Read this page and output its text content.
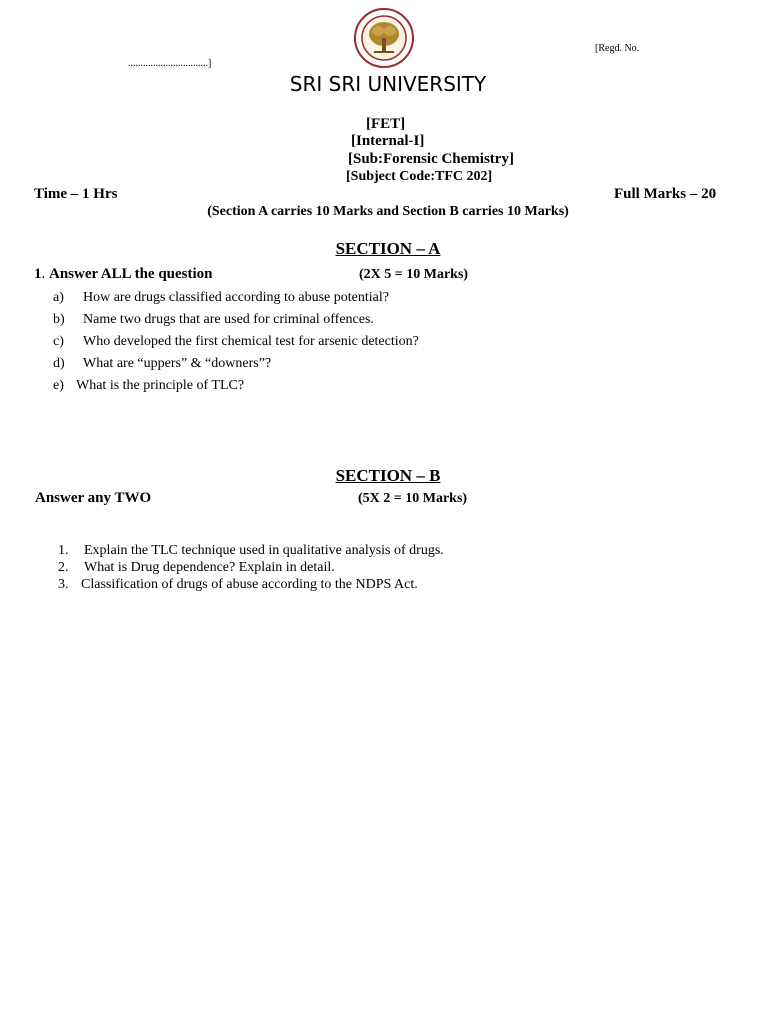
[Regd. No.
................................]
SRI SRI UNIVERSITY
[FET]
[Internal-I]
[Sub:Forensic Chemistry]
[Subject Code:TFC 202]
Time – 1 Hrs	Full Marks – 20
(Section A carries 10 Marks and Section B carries 10 Marks)
SECTION – A
1. Answer ALL the question	(2X 5 = 10 Marks)
a) How are drugs classified according to abuse potential?
b) Name two drugs that are used for criminal offences.
c) Who developed the first chemical test for arsenic detection?
d) What are “uppers” & “downers”?
e) What is the principle of TLC?
SECTION – B
Answer any TWO	(5X 2 = 10 Marks)
1. Explain the TLC technique used in qualitative analysis of drugs.
2. What is Drug dependence? Explain in detail.
3. Classification of drugs of abuse according to the NDPS Act.
